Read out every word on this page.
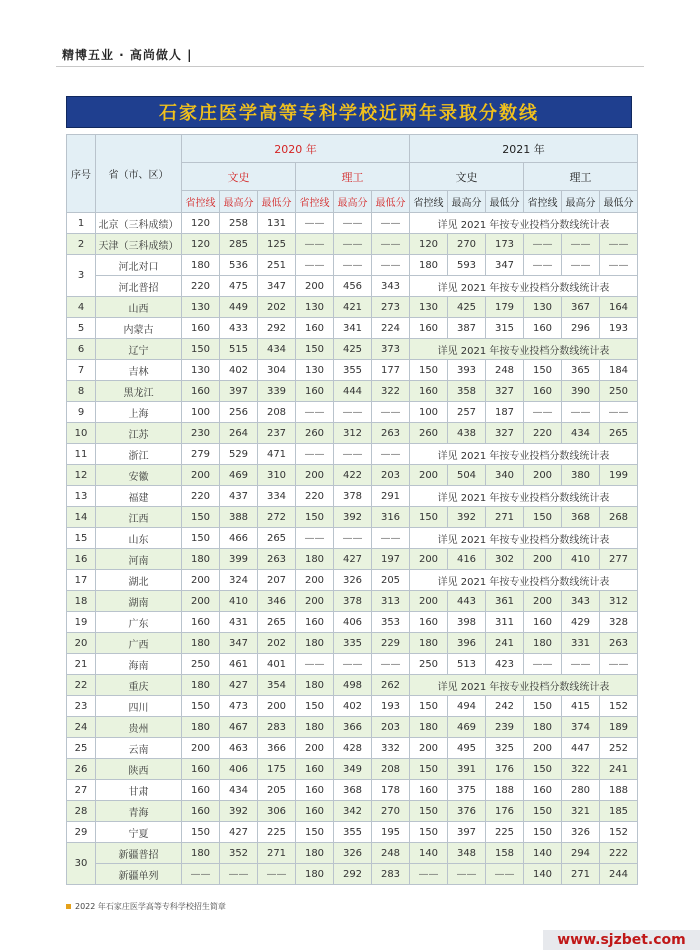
精博五业 · 高尚做人 |
石家庄医学高等专科学校近两年录取分数线
序号	省（市、区）	2020 年						2021 年					
		文史			理工			文史			理工		
		省控线	最高分	最低分	省控线	最高分	最低分	省控线	最高分	最低分	省控线	最高分	最低分
1	北京（三科成绩）	120	258	131	——	——	——	详见 2021 年按专业投档分数线统计表					
2	天津（三科成绩）	120	285	125	——	——	——	120	270	173	——	——	——
3	河北对口	180	536	251	——	——	——	180	593	347	——	——	——
	河北普招	220	475	347	200	456	343	详见 2021 年按专业投档分数线统计表					
4	山西	130	449	202	130	421	273	130	425	179	130	367	164
5	内蒙古	160	433	292	160	341	224	160	387	315	160	296	193
6	辽宁	150	515	434	150	425	373	详见 2021 年按专业投档分数线统计表					
7	吉林	130	402	304	130	355	177	150	393	248	150	365	184
8	黑龙江	160	397	339	160	444	322	160	358	327	160	390	250
9	上海	100	256	208	——	——	——	100	257	187	——	——	——
10	江苏	230	264	237	260	312	263	260	438	327	220	434	265
11	浙江	279	529	471	——	——	——	详见 2021 年按专业投档分数线统计表					
12	安徽	200	469	310	200	422	203	200	504	340	200	380	199
13	福建	220	437	334	220	378	291	详见 2021 年按专业投档分数线统计表					
14	江西	150	388	272	150	392	316	150	392	271	150	368	268
15	山东	150	466	265	——	——	——	详见 2021 年按专业投档分数线统计表					
16	河南	180	399	263	180	427	197	200	416	302	200	410	277
17	湖北	200	324	207	200	326	205	详见 2021 年按专业投档分数线统计表					
18	湖南	200	410	346	200	378	313	200	443	361	200	343	312
19	广东	160	431	265	160	406	353	160	398	311	160	429	328
20	广西	180	347	202	180	335	229	180	396	241	180	331	263
21	海南	250	461	401	——	——	——	250	513	423	——	——	——
22	重庆	180	427	354	180	498	262	详见 2021 年按专业投档分数线统计表					
23	四川	150	473	200	150	402	193	150	494	242	150	415	152
24	贵州	180	467	283	180	366	203	180	469	239	180	374	189
25	云南	200	463	366	200	428	332	200	495	325	200	447	252
26	陕西	160	406	175	160	349	208	150	391	176	150	322	241
27	甘肃	160	434	205	160	368	178	160	375	188	160	280	188
28	青海	160	392	306	160	342	270	150	376	176	150	321	185
29	宁夏	150	427	225	150	355	195	150	397	225	150	326	152
30	新疆普招	180	352	271	180	326	248	140	348	158	140	294	222
	新疆单列	——	——	——	180	292	283	——	——	——	140	271	244
2022 年石家庄医学高等专科学校招生简章
www.sjzbet.com
